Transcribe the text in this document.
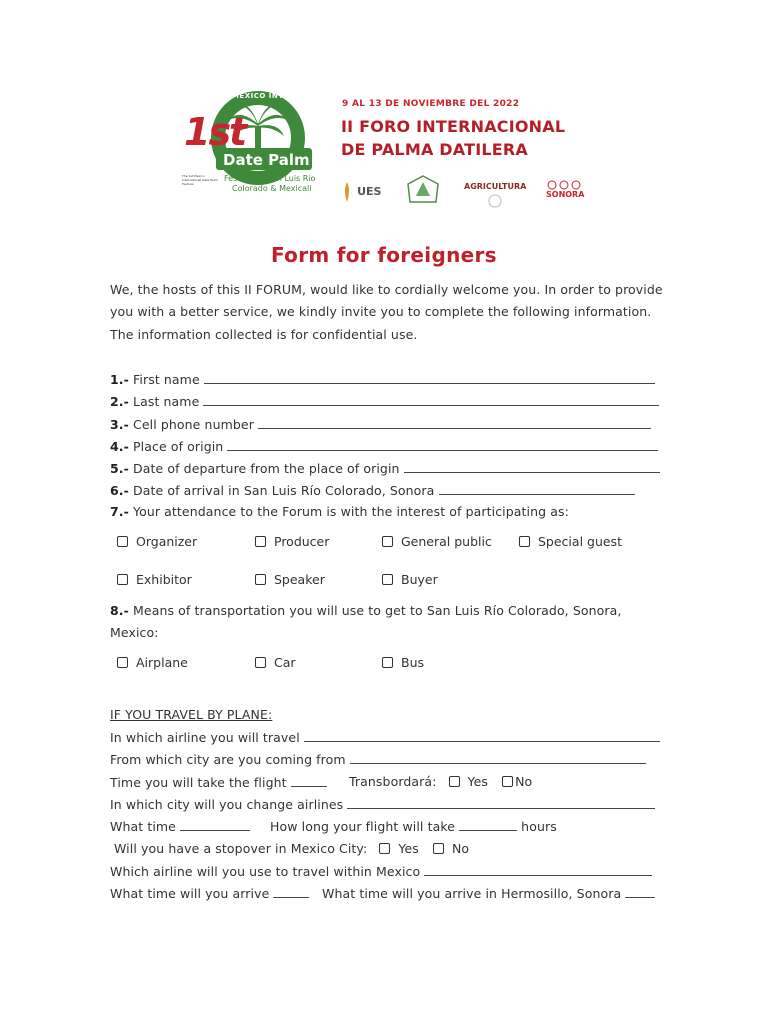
MEXICO INTERNACIONAL
1st
Date Palm
The 1st Mexico International Date Palm Festival
Festival in San Luis Rio
Colorado & Mexicali
9 AL 13 DE NOVIEMBRE DEL 2022
II FORO INTERNACIONAL
DE PALMA DATILERA
UES	AGRICULTURA
SONORA
Form for foreigners
We, the hosts of this II FORUM, would like to cordially welcome you. In order to provide
you with a better service, we kindly invite you to complete the following information.
The information collected is for confidential use.
1.- First name
2.- Last name
3.- Cell phone number
4.- Place of origin
5.- Date of departure from the place of origin
6.- Date of arrival in San Luis Río Colorado, Sonora
7.- Your attendance to the Forum is with the interest of participating as:
Organizer	Producer	General public	Special guest
Exhibitor	Speaker	Buyer
8.- Means of transportation you will use to get to San Luis Río Colorado, Sonora,
Mexico:
Airplane	Car	Bus
IF YOU TRAVEL BY PLANE:
In which airline you will travel
From which city are you coming from
Time you will take the flight	Transbordará: Yes No
In which city will you change airlines
What time	How long your flight will take	hours
Will you have a stopover in Mexico City: Yes	No
Which airline will you use to travel within Mexico
What time will you arrive	What time will you arrive in Hermosillo, Sonora
